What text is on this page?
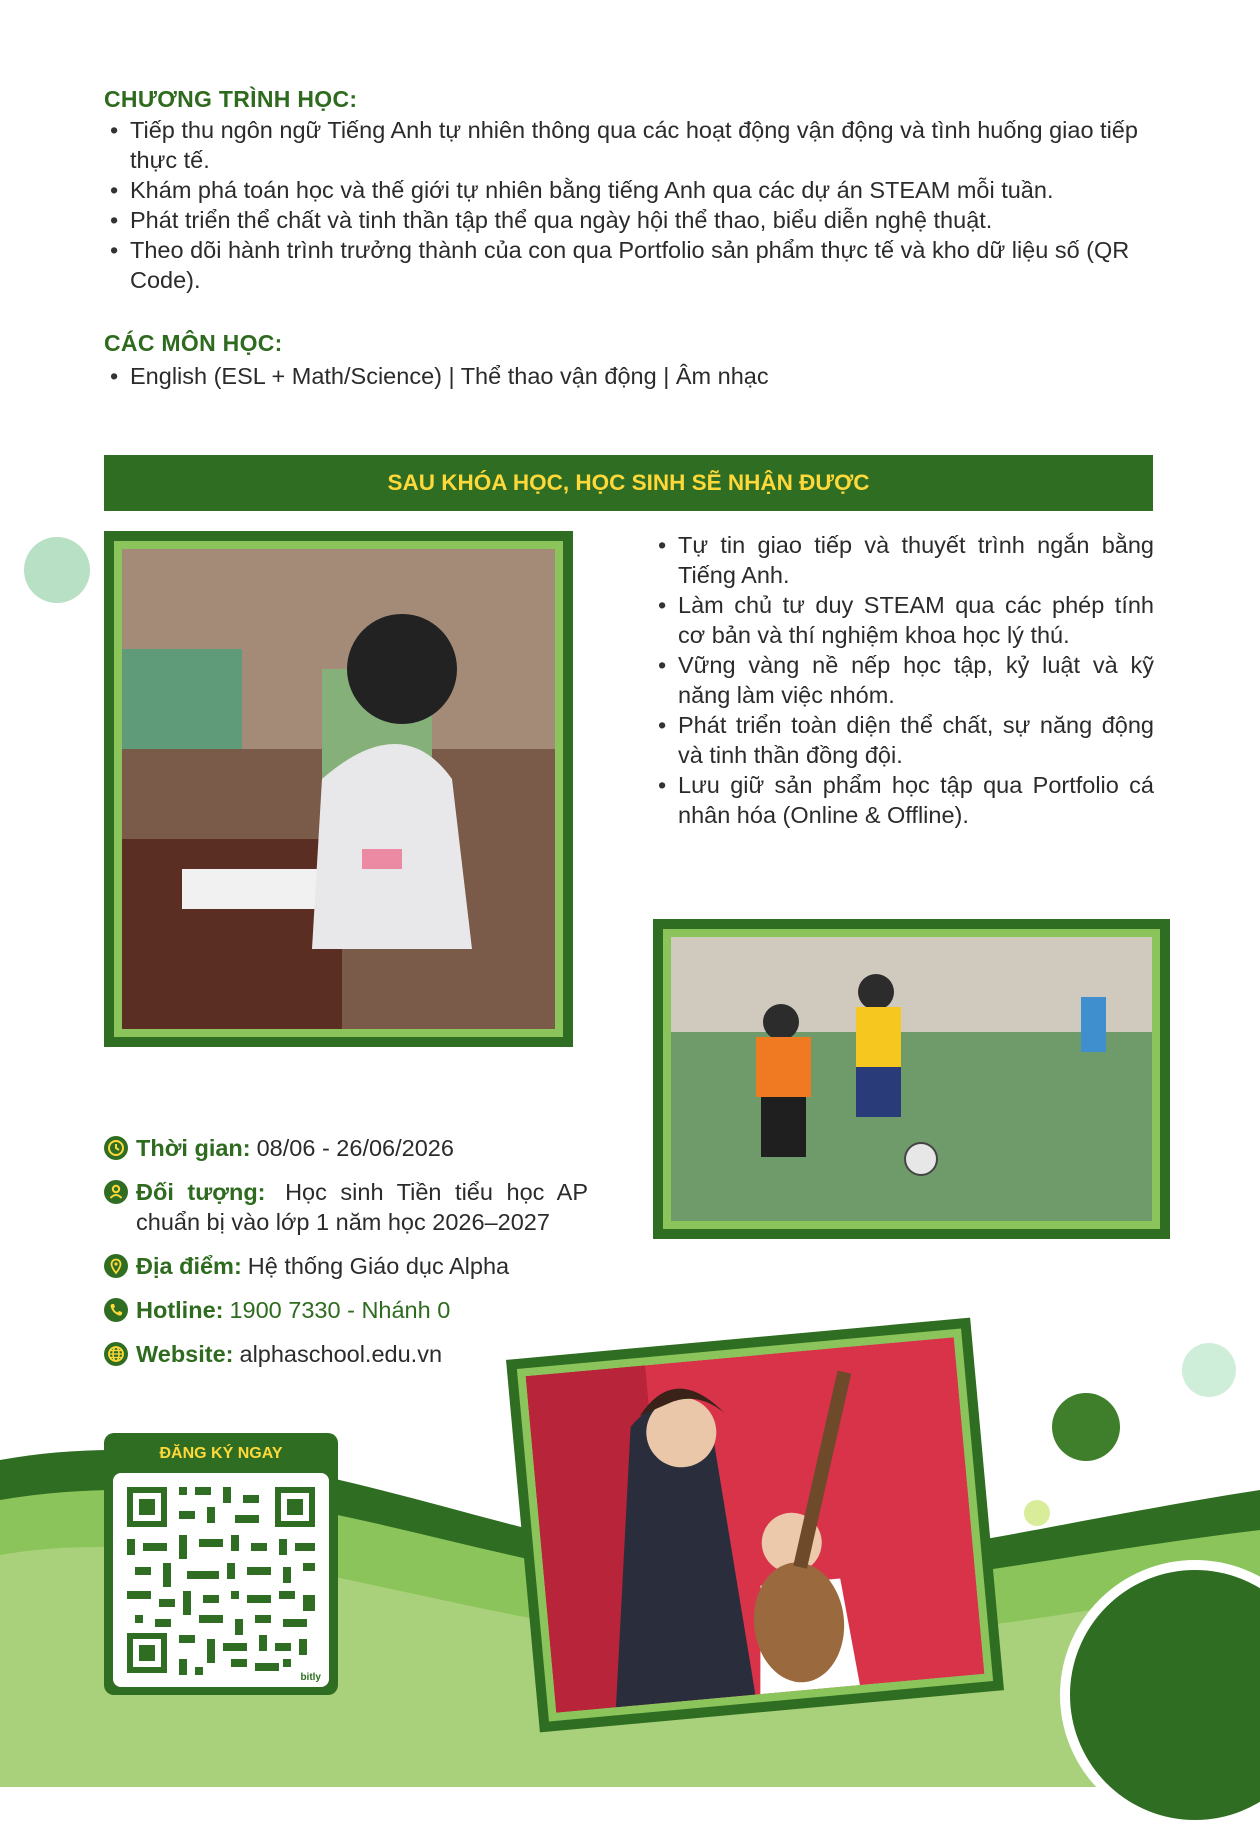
CHƯƠNG TRÌNH HỌC:
• Tiếp thu ngôn ngữ Tiếng Anh tự nhiên thông qua các hoạt động vận động và tình huống giao tiếp thực tế.
• Khám phá toán học và thế giới tự nhiên bằng tiếng Anh qua các dự án STEAM mỗi tuần.
• Phát triển thể chất và tinh thần tập thể qua ngày hội thể thao, biểu diễn nghệ thuật.
• Theo dõi hành trình trưởng thành của con qua Portfolio sản phẩm thực tế và kho dữ liệu số (QR Code).
CÁC MÔN HỌC:
• English (ESL + Math/Science) | Thể thao vận động | Âm nhạc
SAU KHÓA HỌC, HỌC SINH SẼ NHẬN ĐƯỢC
• Tự tin giao tiếp và thuyết trình ngắn bằng Tiếng Anh.
• Làm chủ tư duy STEAM qua các phép tính cơ bản và thí nghiệm khoa học lý thú.
• Vững vàng nề nếp học tập, kỷ luật và kỹ năng làm việc nhóm.
• Phát triển toàn diện thể chất, sự năng động và tinh thần đồng đội.
• Lưu giữ sản phẩm học tập qua Portfolio cá nhân hóa (Online & Offline).
Thời gian: 08/06 - 26/06/2026
Đối tượng: Học sinh Tiền tiểu học AP chuẩn bị vào lớp 1 năm học 2026–2027
Địa điểm: Hệ thống Giáo dục Alpha
Hotline: 1900 7330 - Nhánh 0
Website: alphaschool.edu.vn
ĐĂNG KÝ NGAY
bitly
